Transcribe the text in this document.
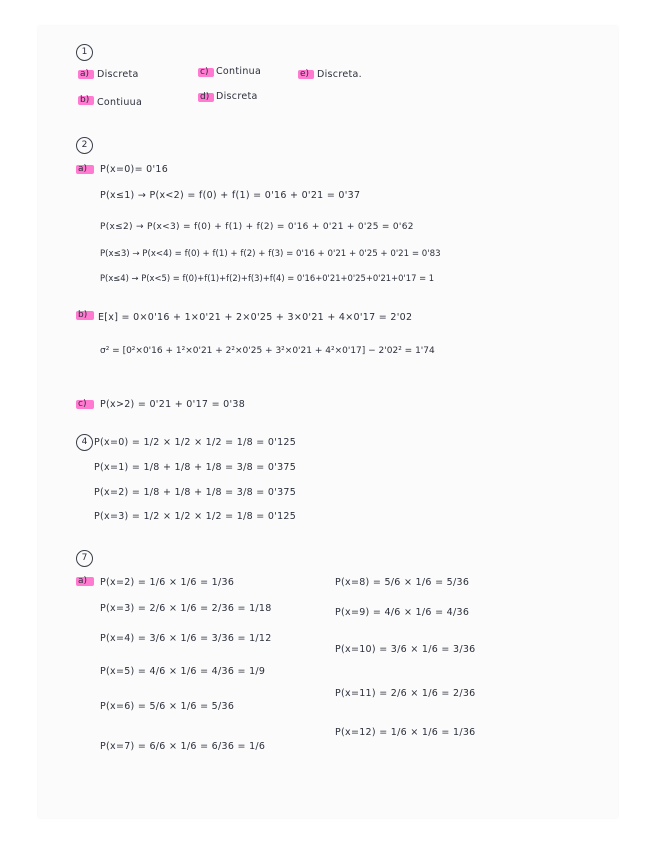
1
a) Discreta
b) Contiuua
c) Continua
d) Discreta
e) Discreta.
2
a) P(x=0)= 0'16
P(x≤1) → P(x<2) = f(0) + f(1) = 0'16 + 0'21 = 0'37
P(x≤2) → P(x<3) = f(0) + f(1) + f(2) = 0'16 + 0'21 + 0'25 = 0'62
P(x≤3) → P(x<4) = f(0) + f(1) + f(2) + f(3) = 0'16 + 0'21 + 0'25 + 0'21 = 0'83
P(x≤4) → P(x<5) = f(0)+f(1)+f(2)+f(3)+f(4) = 0'16+0'21+0'25+0'21+0'17 = 1
b) E[x] = 0×0'16 + 1×0'21 + 2×0'25 + 3×0'21 + 4×0'17 = 2'02
σ² = [0²×0'16 + 1²×0'21 + 2²×0'25 + 3²×0'21 + 4²×0'17] − 2'02² = 1'74
c) P(x>2) = 0'21 + 0'17 = 0'38
4 P(x=0) = 1/2 × 1/2 × 1/2 = 1/8 = 0'125
P(x=1) = 1/8 + 1/8 + 1/8 = 3/8 = 0'375
P(x=2) = 1/8 + 1/8 + 1/8 = 3/8 = 0'375
P(x=3) = 1/2 × 1/2 × 1/2 = 1/8 = 0'125
7
a) P(x=2) = 1/6 × 1/6 = 1/36
P(x=3) = 2/6 × 1/6 = 2/36 = 1/18
P(x=4) = 3/6 × 1/6 = 3/36 = 1/12
P(x=5) = 4/6 × 1/6 = 4/36 = 1/9
P(x=6) = 5/6 × 1/6 = 5/36
P(x=7) = 6/6 × 1/6 = 6/36 = 1/6
P(x=8) = 5/6 × 1/6 = 5/36
P(x=9) = 4/6 × 1/6 = 4/36
P(x=10) = 3/6 × 1/6 = 3/36
P(x=11) = 2/6 × 1/6 = 2/36
P(x=12) = 1/6 × 1/6 = 1/36
